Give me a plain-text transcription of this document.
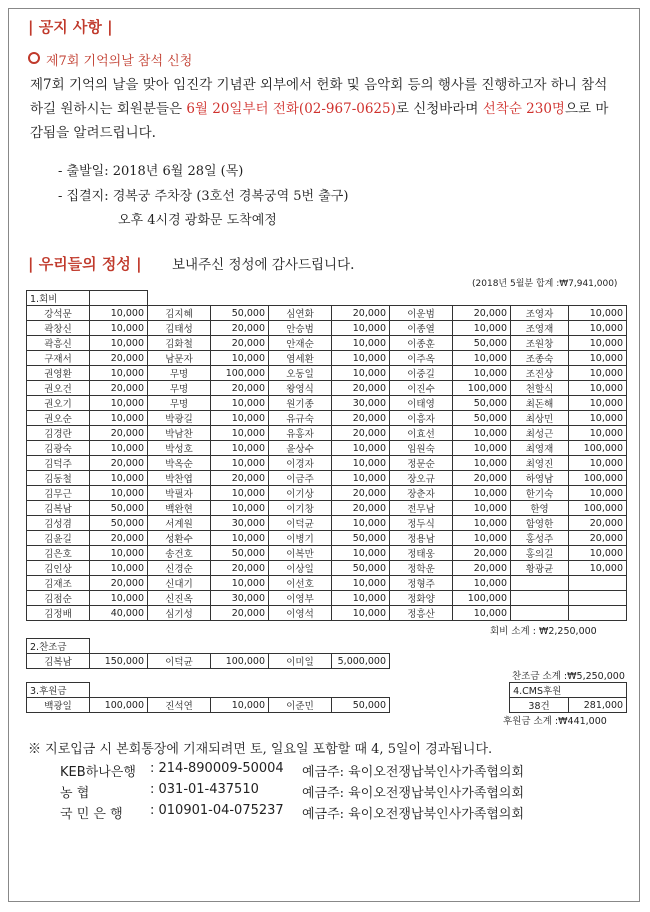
| 공지 사항 |
제7회 기억의날 참석 신청
제7회 기억의 날을 맞아 임진각 기념관 외부에서 헌화 및 음악회 등의 행사를 진행하고자 하니 참석하길 원하시는 회원분들은 6월 20일부터 전화(02-967-0625)로 신청바라며 선착순 230명으로 마감됨을 알려드립니다.
- 출발일: 2018년 6월 28일 (목)
- 집결지: 경복궁 주차장 (3호선 경복궁역 5번 출구)
오후 4시경 광화문 도착예정
| 우리들의 정성 | 보내주신 정성에 감사드립니다.
(2018년 5월분 합계 :₩7,941,000)
1.회비									
강석문	10,000	김지혜	50,000	심연화	20,000	이운범	20,000	조영자	10,000
곽창신	10,000	김태성	20,000	안승범	10,000	이종열	10,000	조영재	10,000
곽흥신	10,000	김화철	20,000	안재순	10,000	이종훈	50,000	조원창	10,000
구재서	20,000	남문자	10,000	염세환	10,000	이주옥	10,000	조종숙	10,000
권영환	10,000	무명	100,000	오동일	10,000	이중길	10,000	조진상	10,000
권오건	20,000	무명	20,000	왕영식	20,000	이진수	100,000	천할식	10,000
권오기	10,000	무명	10,000	원기종	30,000	이태영	50,000	최돈해	10,000
권오순	10,000	박광길	10,000	유규숙	20,000	이흥자	50,000	최상민	10,000
김경란	20,000	박남찬	10,000	유홍자	20,000	이효선	10,000	최성근	10,000
김광숙	10,000	박성호	10,000	윤상수	10,000	임원숙	10,000	최영재	100,000
김덕주	20,000	박옥순	10,000	이경자	10,000	정문순	10,000	최영진	10,000
김동철	10,000	박찬엽	20,000	이금주	10,000	장오규	20,000	하영남	100,000
김무근	10,000	박필자	10,000	이기상	20,000	장춘자	10,000	한기숙	10,000
김복남	50,000	백완현	10,000	이기창	20,000	전무남	10,000	한영	100,000
김성겸	50,000	서계원	30,000	이덕균	10,000	정두식	10,000	함영한	20,000
김윤길	20,000	성환수	10,000	이병기	50,000	정용남	10,000	홍성주	20,000
김은호	10,000	송건호	50,000	이복만	10,000	정태웅	20,000	홍의길	10,000
김인상	10,000	신경순	20,000	이상일	50,000	정학운	20,000	황광균	10,000
김재조	20,000	신대기	10,000	이선호	10,000	정형주	10,000		
김점순	10,000	신진옥	30,000	이영부	10,000	정화양	100,000		
김정배	40,000	심기성	20,000	이영석	10,000	정흥산	10,000		
회비 소계 : ₩2,250,000
2.찬조금						
김복남	150,000	이덕균	100,000	이미일	5,000,000	
찬조금 소계 :₩5,250,000
3.후원금							4.CMS후원	
백광일	100,000	진석연	10,000	이준민	50,000		38건	281,000
후원금 소계 :₩441,000
※ 지로입금 시 본회통장에 기재되려면 토, 일요일 포함할 때 4, 5일이 경과됩니다.
KEB하나은행 : 214-890009-50004 예금주: 육이오전쟁납북인사가족협의회
농 협	: 031-01-437510	예금주: 육이오전쟁납북인사가족협의회
국 민 은 행 : 010901-04-075237 예금주: 육이오전쟁납북인사가족협의회
